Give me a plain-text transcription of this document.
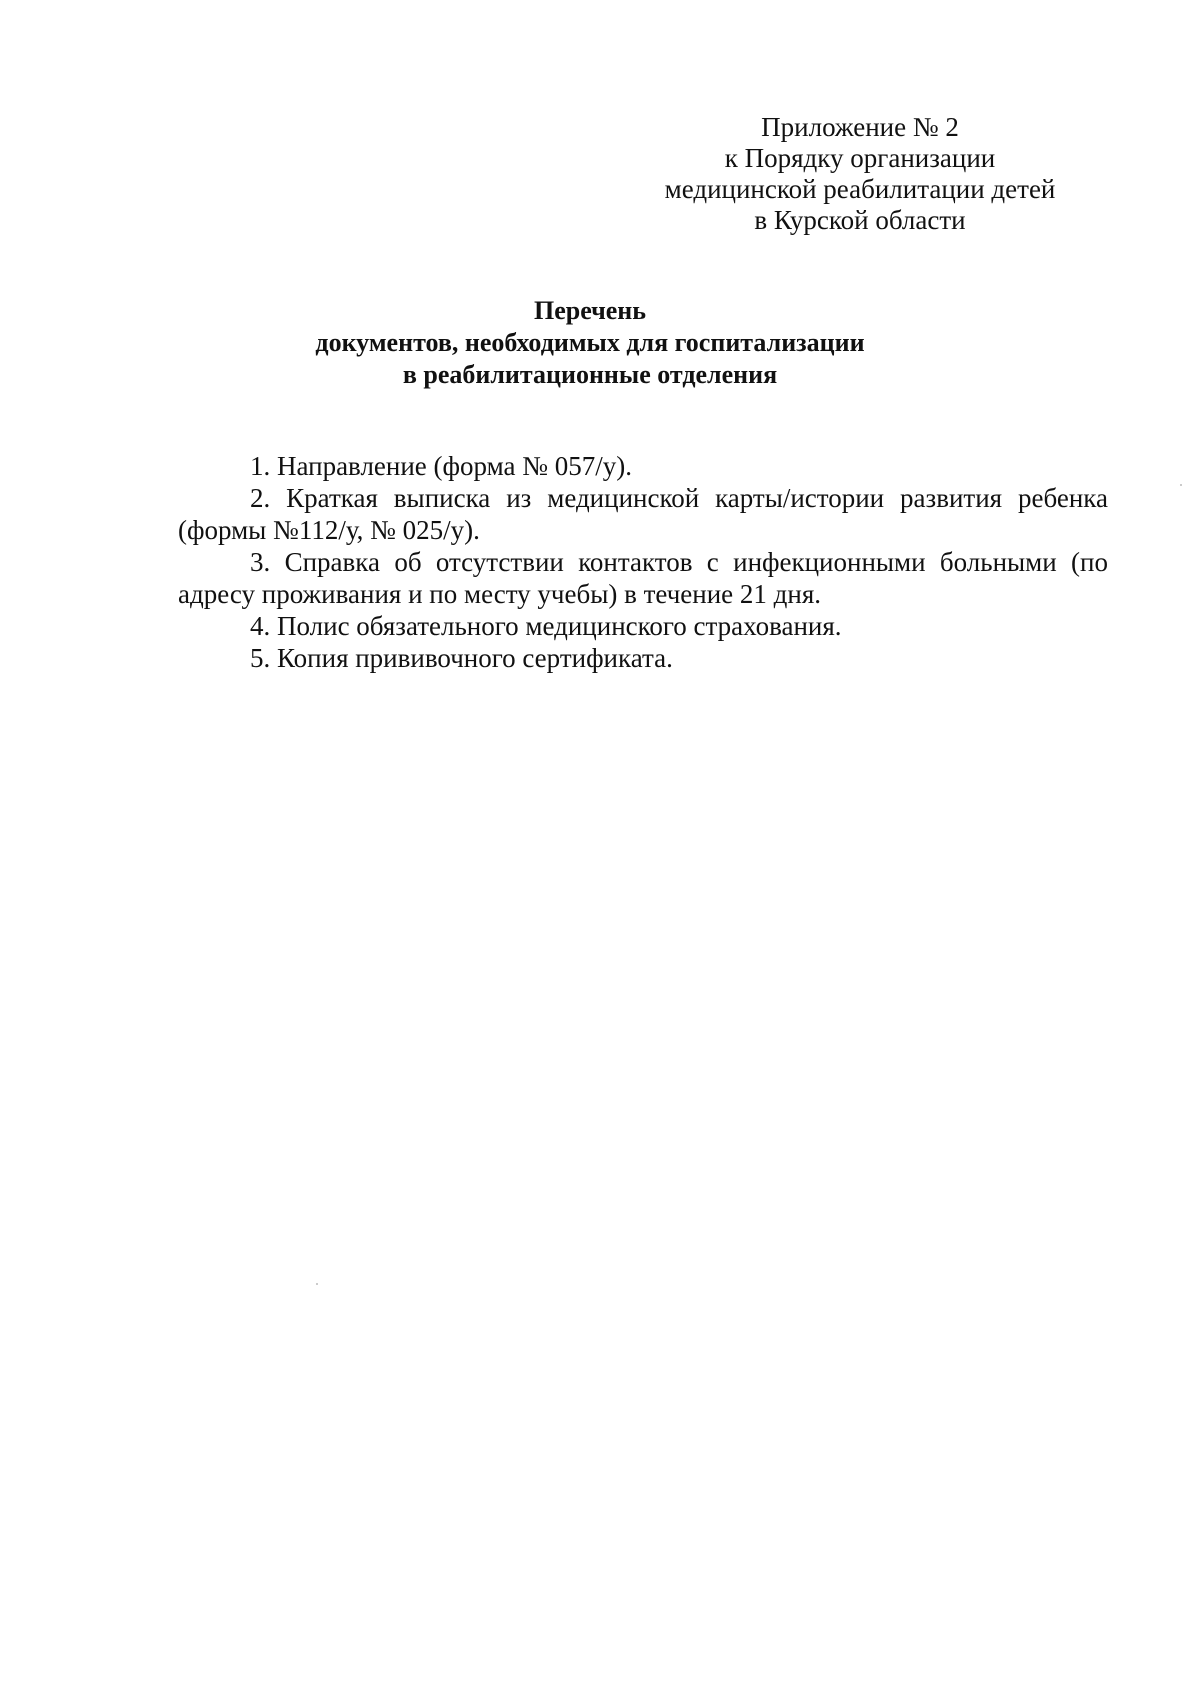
Приложение № 2
к Порядку организации
медицинской реабилитации детей
в Курской области
Перечень
документов, необходимых для госпитализации
в реабилитационные отделения

1. Направление (форма № 057/у).

2. Краткая выписка из медицинской карты/истории развития ребенка (формы №112/у, № 025/у).

3. Справка об отсутствии контактов с инфекционными больными (по адресу проживания и по месту учебы) в течение 21 дня.

4. Полис обязательного медицинского страхования.

5. Копия прививочного сертификата.
